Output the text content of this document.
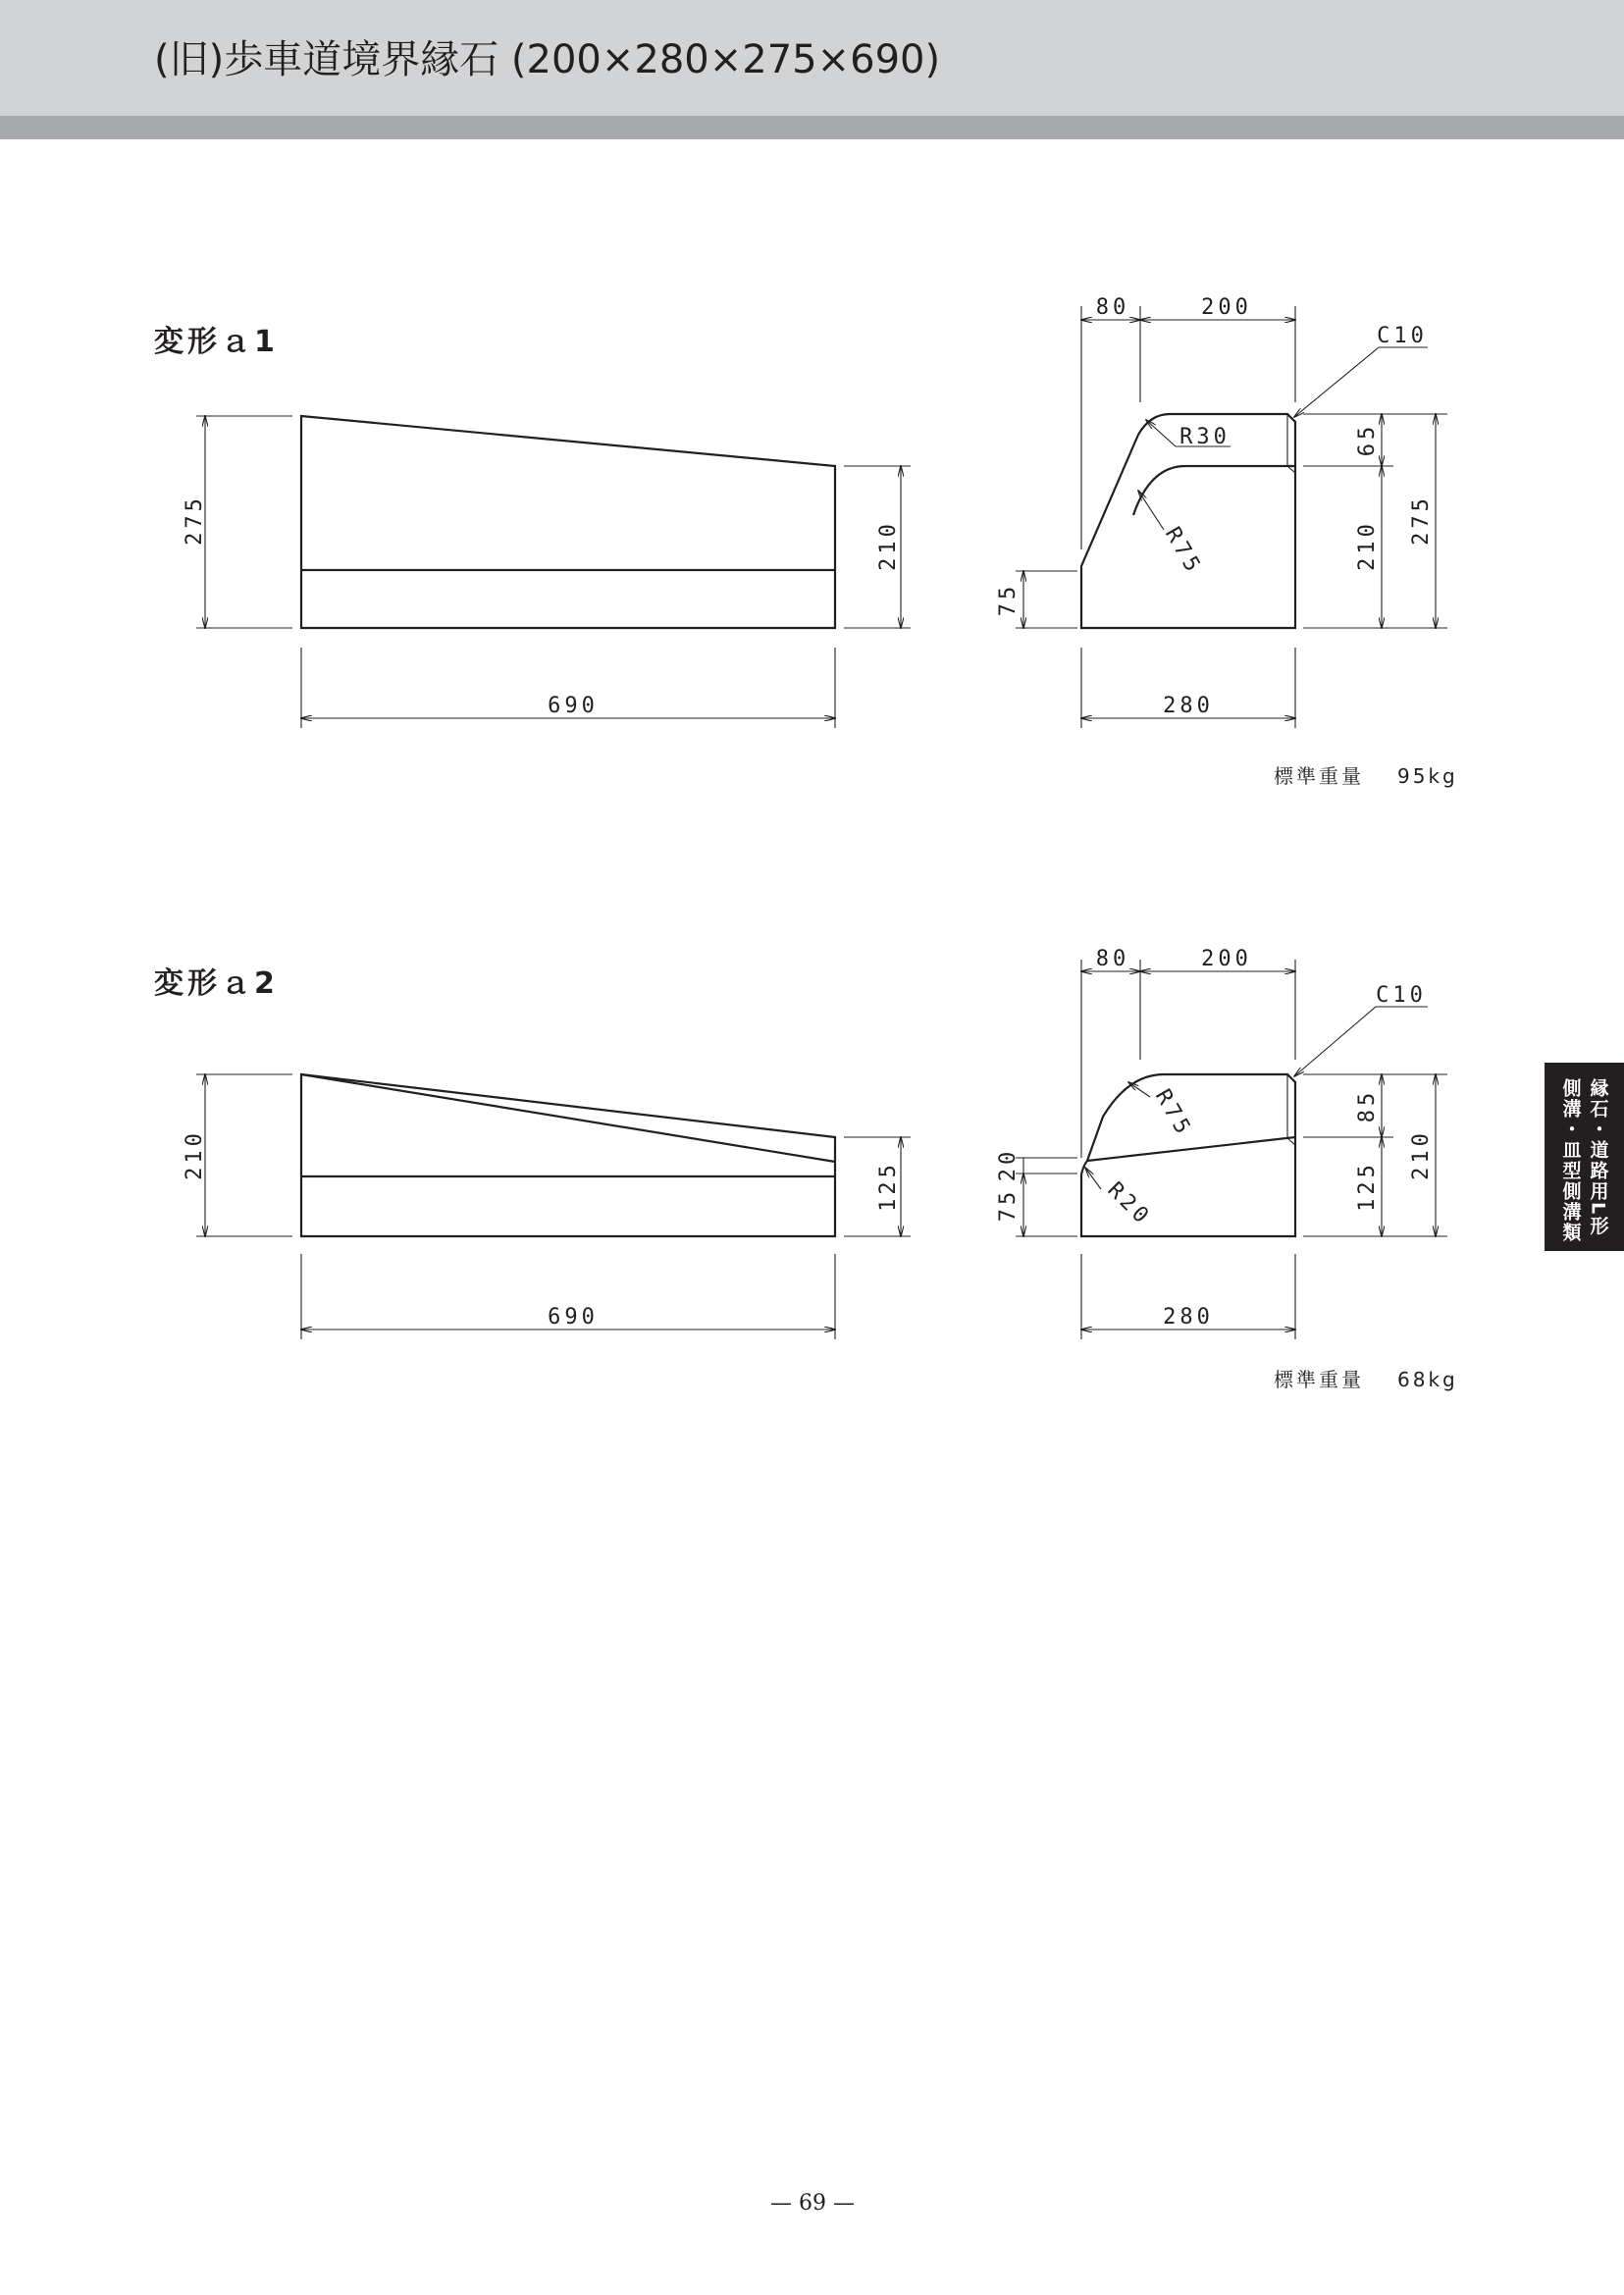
(旧)歩車道境界縁石 (200×280×275×690)
縁石・道路用L形
側溝・皿型側溝類
変形ａ1
275
210
690
80	200
C10
R30
R75
75
65
210
275
280
標準重量 95kg
変形ａ2
210
125
690
80	200
C10
R75
R20
75
20
85
125
210
280
標準重量 68kg
— 69 —
